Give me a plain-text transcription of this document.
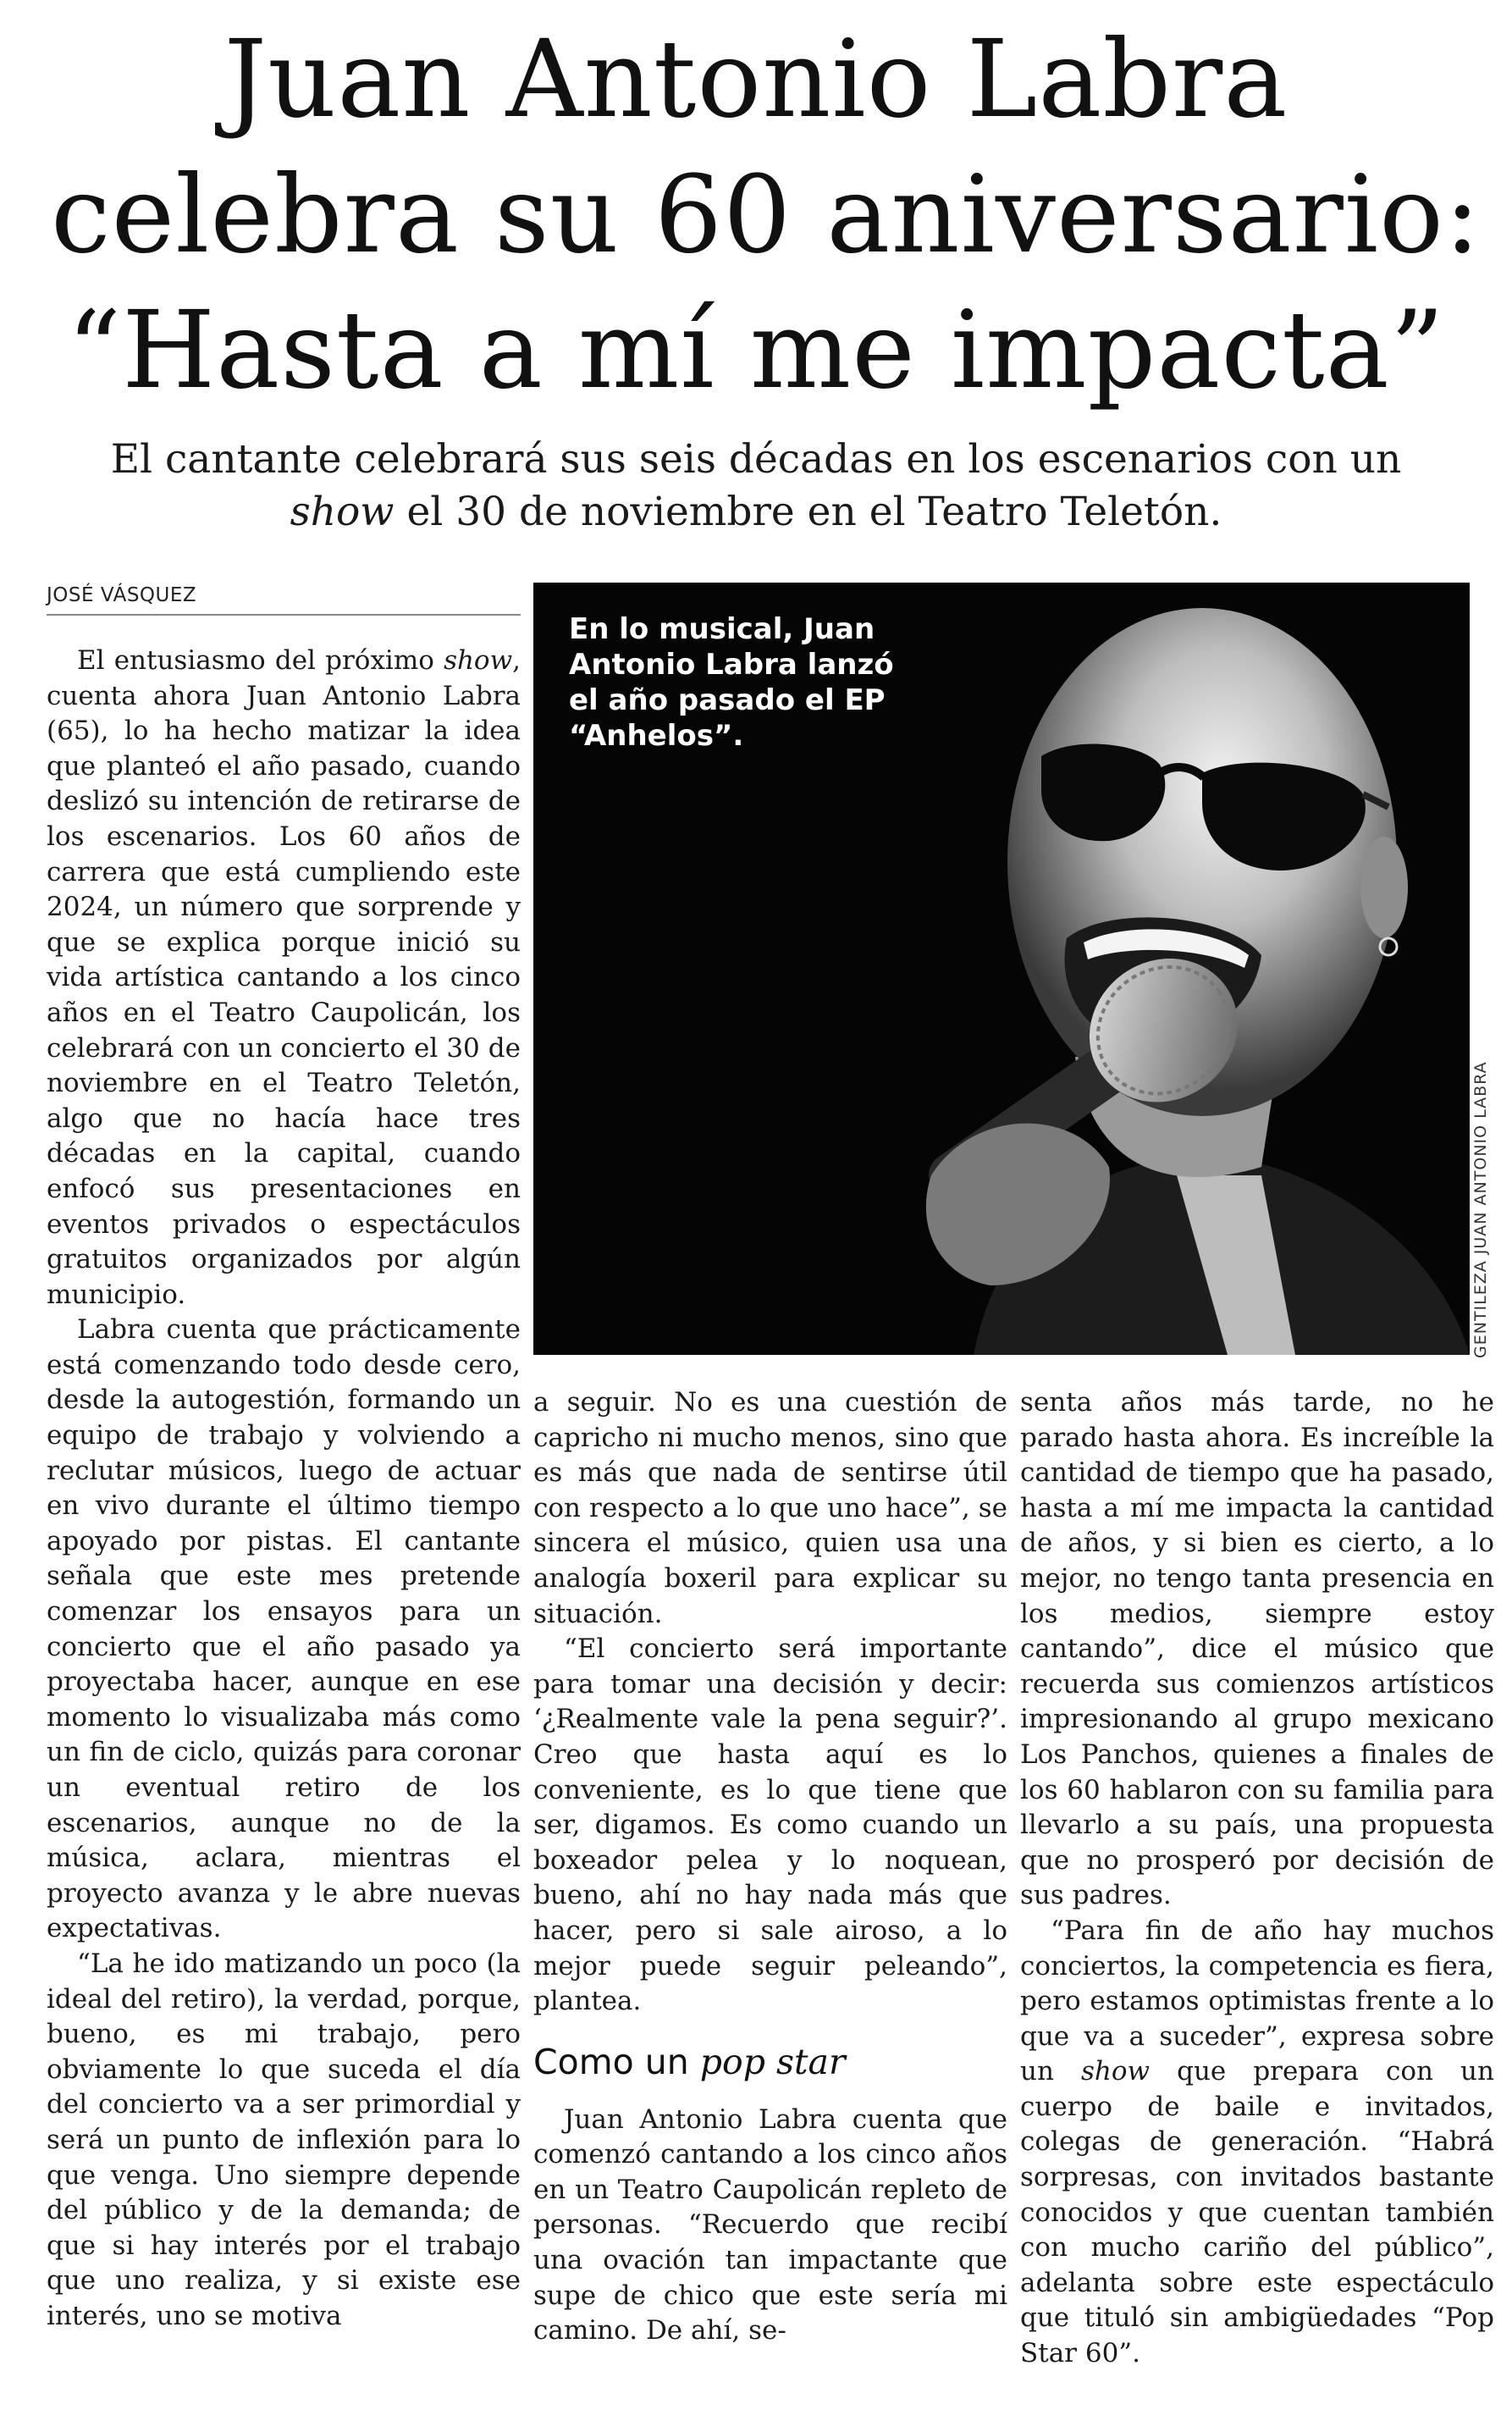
Juan Antonio Labra
celebra su 60 aniversario:
“Hasta a mí me impacta”
El cantante celebrará sus seis décadas en los escenarios con un
show el 30 de noviembre en el Teatro Teletón.
JOSÉ VÁSQUEZ
En lo musical, Juan Antonio Labra lanzó el año pasado el EP “Anhelos”.
GENTILEZA JUAN ANTONIO LABRA

El entusiasmo del próximo show, cuenta ahora Juan Antonio Labra (65), lo ha hecho matizar la idea que planteó el año pasado, cuando deslizó su intención de retirarse de los escenarios. Los 60 años de carrera que está cumpliendo este 2024, un número que sorprende y que se explica porque inició su vida artística cantando a los cinco años en el Teatro Caupolicán, los celebrará con un concierto el 30 de noviembre en el Teatro Teletón, algo que no hacía hace tres décadas en la capital, cuando enfocó sus presentaciones en eventos privados o espectáculos gratuitos organizados por algún municipio.

Labra cuenta que prácticamente está comenzando todo desde cero, desde la autogestión, formando un equipo de trabajo y volviendo a reclutar músicos, luego de actuar en vivo durante el último tiempo apoyado por pistas. El cantante señala que este mes pretende comenzar los ensayos para un concierto que el año pasado ya proyectaba hacer, aunque en ese momento lo visualizaba más como un fin de ciclo, quizás para coronar un eventual retiro de los escenarios, aunque no de la música, aclara, mientras el proyecto avanza y le abre nuevas expectativas.

“La he ido matizando un poco (la ideal del retiro), la verdad, porque, bueno, es mi trabajo, pero obviamente lo que suceda el día del concierto va a ser primordial y será un punto de inflexión para lo que venga. Uno siempre depende del público y de la demanda; de que si hay interés por el trabajo que uno realiza, y si existe ese interés, uno se motiva

a seguir. No es una cuestión de capricho ni mucho menos, sino que es más que nada de sentirse útil con respecto a lo que uno hace”, se sincera el músico, quien usa una analogía boxeril para explicar su situación.

“El concierto será importante para tomar una decisión y decir: ‘¿Realmente vale la pena seguir?’. Creo que hasta aquí es lo conveniente, es lo que tiene que ser, digamos. Es como cuando un boxeador pelea y lo noquean, bueno, ahí no hay nada más que hacer, pero si sale airoso, a lo mejor puede seguir peleando”, plantea.

Como un pop star

Juan Antonio Labra cuenta que comenzó cantando a los cinco años en un Teatro Caupolicán repleto de personas. “Recuerdo que recibí una ovación tan impactante que supe de chico que este sería mi camino. De ahí, se-

senta años más tarde, no he parado hasta ahora. Es increíble la cantidad de tiempo que ha pasado, hasta a mí me impacta la cantidad de años, y si bien es cierto, a lo mejor, no tengo tanta presencia en los medios, siempre estoy cantando”, dice el músico que recuerda sus comienzos artísticos impresionando al grupo mexicano Los Panchos, quienes a finales de los 60 hablaron con su familia para llevarlo a su país, una propuesta que no prosperó por decisión de sus padres.

“Para fin de año hay muchos conciertos, la competencia es fiera, pero estamos optimistas frente a lo que va a suceder”, expresa sobre un show que prepara con un cuerpo de baile e invitados, colegas de generación. “Habrá sorpresas, con invitados bastante conocidos y que cuentan también con mucho cariño del público”, adelanta sobre este espectáculo que tituló sin ambigüedades “Pop Star 60”.
